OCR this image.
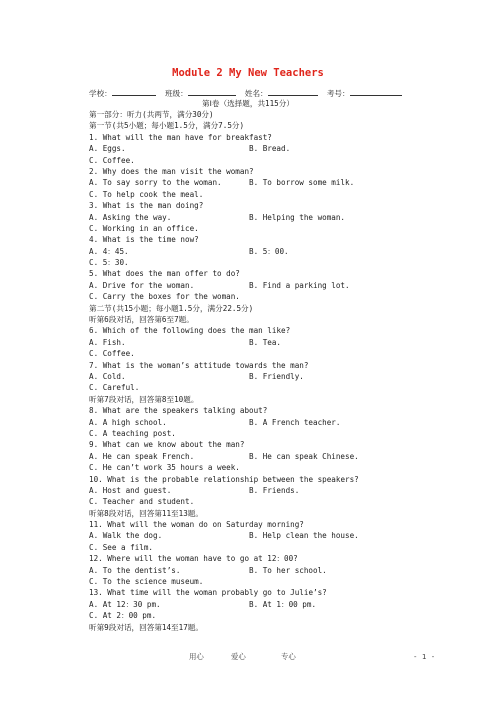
Module 2 My New Teachers
学校：	班级：	姓名：	考号：
第Ⅰ卷（选择题，共115分）
第一部分：听力(共两节，满分30分)
第一节(共5小题；每小题1.5分，满分7.5分)
1. What will the man have for breakfast?
A. Eggs.	B. Bread.
C. Coffee.
2. Why does the man visit the woman?
A. To say sorry to the woman.	B. To borrow some milk.
C. To help cook the meal.
3. What is the man doing?
A. Asking the way.	B. Helping the woman.
C. Working in an office.
4. What is the time now?
A. 4：45.	B. 5：00.
C. 5：30.
5. What does the man offer to do?
A. Drive for the woman.	B. Find a parking lot.
C. Carry the boxes for the woman.
第二节(共15小题；每小题1.5分，满分22.5分)
听第6段对话，回答第6至7题。
6. Which of the following does the man like?
A. Fish.	B. Tea.
C. Coffee.
7. What is the woman’s attitude towards the man?
A. Cold.	B. Friendly.
C. Careful.
听第7段对话，回答第8至10题。
8. What are the speakers talking about?
A. A high school.	B. A French teacher.
C. A teaching post.
9. What can we know about the man?
A. He can speak French.	B. He can speak Chinese.
C. He can’t work 35 hours a week.
10. What is the probable relationship between the speakers?
A. Host and guest.	B. Friends.
C. Teacher and student.
听第8段对话，回答第11至13题。
11. What will the woman do on Saturday morning?
A. Walk the dog.	B. Help clean the house.
C. See a film.
12. Where will the woman have to go at 12：00?
A. To the dentist’s.	B. To her school.
C. To the science museum.
13. What time will the woman probably go to Julie’s?
A. At 12：30 pm.	B. At 1：00 pm.
C. At 2：00 pm.
听第9段对话，回答第14至17题。
用心	爱心	专心	- 1 -
